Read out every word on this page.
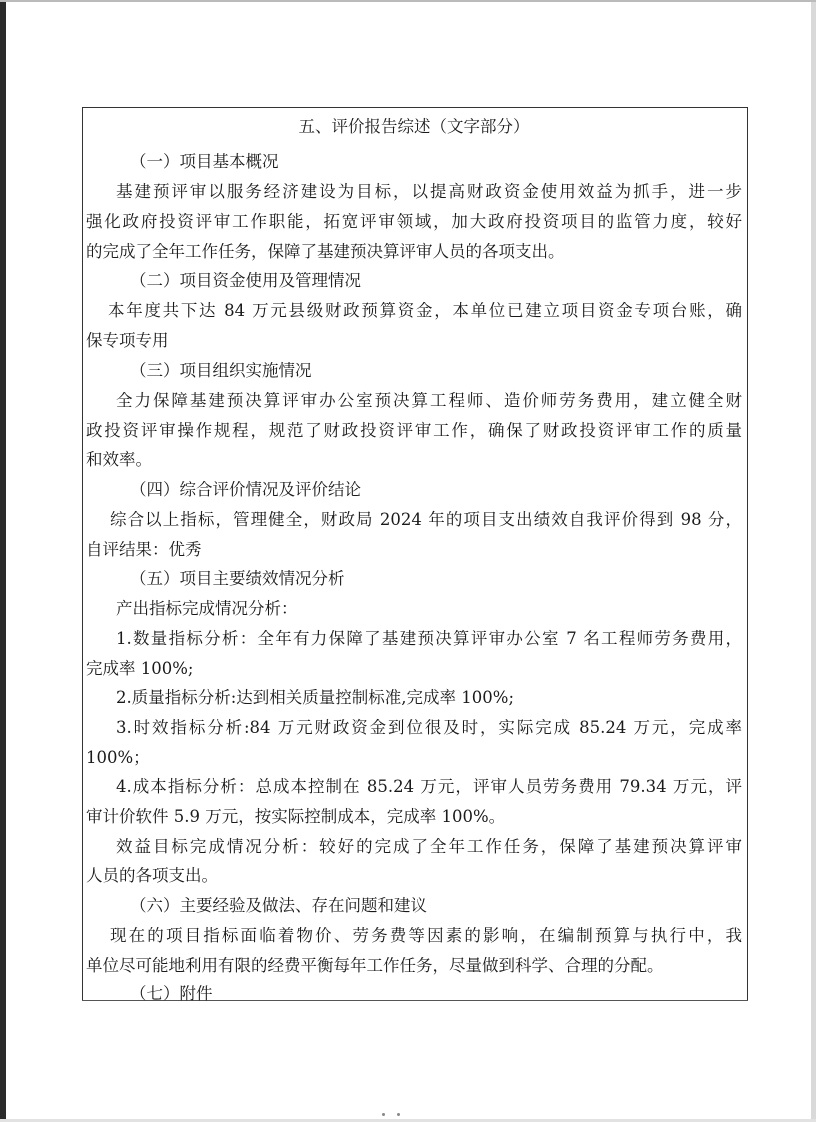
五、评价报告综述（文字部分）
（一）项目基本概况
基建预评审以服务经济建设为目标，以提高财政资金使用效益为抓手，进一步
强化政府投资评审工作职能，拓宽评审领域，加大政府投资项目的监管力度，较好
的完成了全年工作任务，保障了基建预决算评审人员的各项支出。
（二）项目资金使用及管理情况
本年度共下达 84 万元县级财政预算资金，本单位已建立项目资金专项台账，确
保专项专用
（三）项目组织实施情况
全力保障基建预决算评审办公室预决算工程师、造价师劳务费用，建立健全财
政投资评审操作规程，规范了财政投资评审工作，确保了财政投资评审工作的质量
和效率。
（四）综合评价情况及评价结论
综合以上指标，管理健全，财政局 2024 年的项目支出绩效自我评价得到 98 分，
自评结果：优秀
（五）项目主要绩效情况分析
产出指标完成情况分析：
1.数量指标分析：全年有力保障了基建预决算评审办公室 7 名工程师劳务费用，
完成率 100%;
2.质量指标分析:达到相关质量控制标准,完成率 100%;
3.时效指标分析:84 万元财政资金到位很及时，实际完成 85.24 万元，完成率
100%；
4.成本指标分析：总成本控制在 85.24 万元，评审人员劳务费用 79.34 万元，评
审计价软件 5.9 万元，按实际控制成本，完成率 100%。
效益目标完成情况分析：较好的完成了全年工作任务，保障了基建预决算评审
人员的各项支出。
（六）主要经验及做法、存在问题和建议
现在的项目指标面临着物价、劳务费等因素的影响，在编制预算与执行中，我
单位尽可能地利用有限的经费平衡每年工作任务，尽量做到科学、合理的分配。
（七）附件
